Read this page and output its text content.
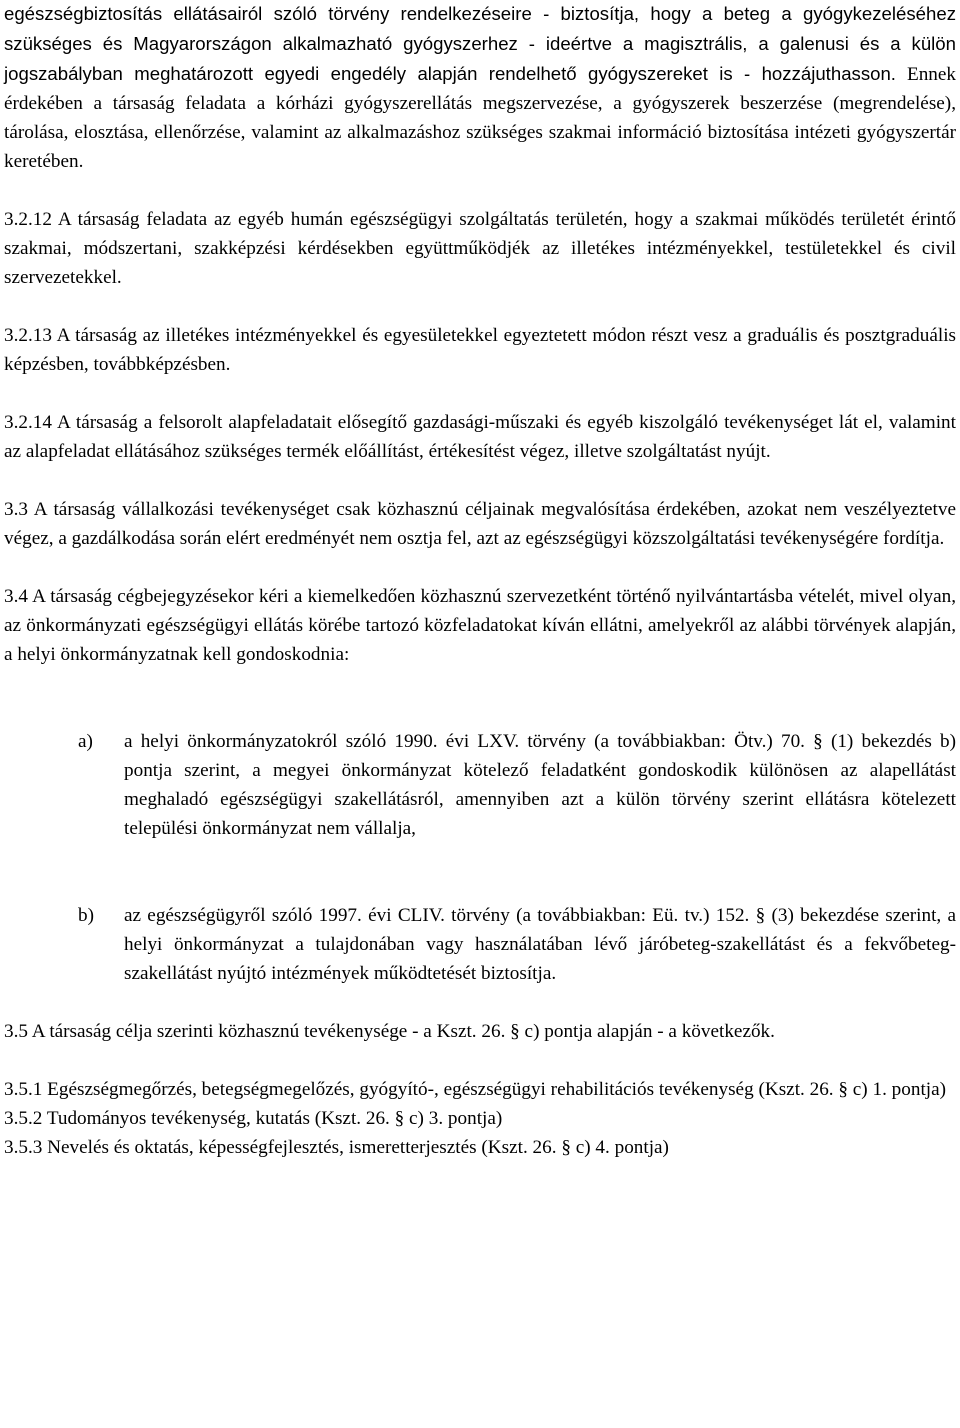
egészségbiztosítás ellátásairól szóló törvény rendelkezéseire - biztosítja, hogy a beteg a gyógykezeléséhez szükséges és Magyarországon alkalmazható gyógyszerhez - ideértve a magisztrális, a galenusi és a külön jogszabályban meghatározott egyedi engedély alapján rendelhető gyógyszereket is - hozzájuthasson. Ennek érdekében a társaság feladata a kórházi gyógyszerellátás megszervezése, a gyógyszerek beszerzése (megrendelése), tárolása, elosztása, ellenőrzése, valamint az alkalmazáshoz szükséges szakmai információ biztosítása intézeti gyógyszertár keretében.

3.2.12 A társaság feladata az egyéb humán egészségügyi szolgáltatás területén, hogy a szakmai működés területét érintő szakmai, módszertani, szakképzési kérdésekben együttműködjék az illetékes intézményekkel, testületekkel és civil szervezetekkel.

3.2.13 A társaság az illetékes intézményekkel és egyesületekkel egyeztetett módon részt vesz a graduális és posztgraduális képzésben, továbbképzésben.

3.2.14 A társaság a felsorolt alapfeladatait elősegítő gazdasági-műszaki és egyéb kiszolgáló tevékenységet lát el, valamint az alapfeladat ellátásához szükséges termék előállítást, értékesítést végez, illetve szolgáltatást nyújt.

3.3 A társaság vállalkozási tevékenységet csak közhasznú céljainak megvalósítása érdekében, azokat nem veszélyeztetve végez, a gazdálkodása során elért eredményét nem osztja fel, azt az egészségügyi közszolgáltatási tevékenységére fordítja.

3.4 A társaság cégbejegyzésekor kéri a kiemelkedően közhasznú szervezetként történő nyilvántartásba vételét, mivel olyan, az önkormányzati egészségügyi ellátás körébe tartozó közfeladatokat kíván ellátni, amelyekről az alábbi törvények alapján, a helyi önkormányzatnak kell gondoskodnia:

a) a helyi önkormányzatokról szóló 1990. évi LXV. törvény (a továbbiakban: Ötv.) 70. § (1) bekezdés b) pontja szerint, a megyei önkormányzat kötelező feladatként gondoskodik különösen az alapellátást meghaladó egészségügyi szakellátásról, amennyiben azt a külön törvény szerint ellátásra kötelezett települési önkormányzat nem vállalja,
b) az egészségügyről szóló 1997. évi CLIV. törvény (a továbbiakban: Eü. tv.) 152. § (3) bekezdése szerint, a helyi önkormányzat a tulajdonában vagy használatában lévő járóbeteg-szakellátást és a fekvőbeteg-szakellátást nyújtó intézmények működtetését biztosítja.

3.5 A társaság célja szerinti közhasznú tevékenysége - a Kszt. 26. § c) pontja alapján - a következők.

3.5.1 Egészségmegőrzés, betegségmegelőzés, gyógyító-, egészségügyi rehabilitációs tevékenység (Kszt. 26. § c) 1. pontja)

3.5.2 Tudományos tevékenység, kutatás (Kszt. 26. § c) 3. pontja)

3.5.3 Nevelés és oktatás, képességfejlesztés, ismeretterjesztés (Kszt. 26. § c) 4. pontja)
